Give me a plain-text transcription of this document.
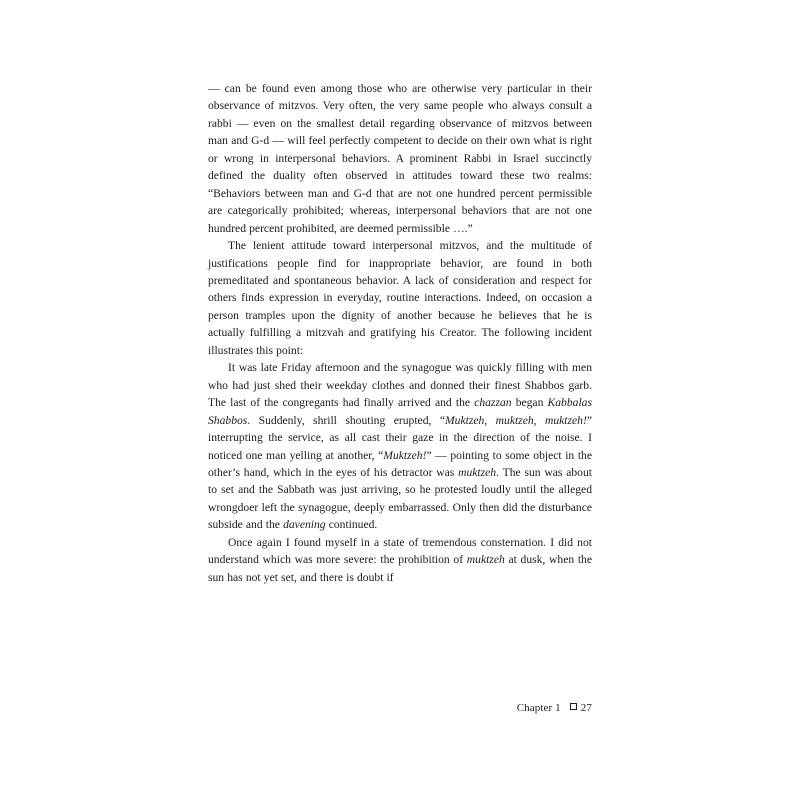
— can be found even among those who are otherwise very particular in their observance of mitzvos. Very often, the very same people who always consult a rabbi — even on the smallest detail regarding observance of mitzvos between man and G-d — will feel perfectly competent to decide on their own what is right or wrong in interpersonal behaviors. A prominent Rabbi in Israel succinctly defined the duality often observed in attitudes toward these two realms: “Behaviors between man and G-d that are not one hundred percent permissible are categorically prohibited; whereas, interpersonal behaviors that are not one hundred percent prohibited, are deemed permissible ….”

The lenient attitude toward interpersonal mitzvos, and the multitude of justifications people find for inappropriate behavior, are found in both premeditated and spontaneous behavior. A lack of consideration and respect for others finds expression in everyday, routine interactions. Indeed, on occasion a person tramples upon the dignity of another because he believes that he is actually fulfilling a mitzvah and gratifying his Creator. The following incident illustrates this point:

It was late Friday afternoon and the synagogue was quickly filling with men who had just shed their weekday clothes and donned their finest Shabbos garb. The last of the congregants had finally arrived and the chazzan began Kabbalas Shabbos. Suddenly, shrill shouting erupted, “Muktzeh, muktzeh, muktzeh!” interrupting the service, as all cast their gaze in the direction of the noise. I noticed one man yelling at another, “Muktzeh!” — pointing to some object in the other’s hand, which in the eyes of his detractor was muktzeh. The sun was about to set and the Sabbath was just arriving, so he protested loudly until the alleged wrongdoer left the synagogue, deeply embarrassed. Only then did the disturbance subside and the davening continued.

Once again I found myself in a state of tremendous consternation. I did not understand which was more severe: the prohibition of muktzeh at dusk, when the sun has not yet set, and there is doubt if

Chapter 1 27
